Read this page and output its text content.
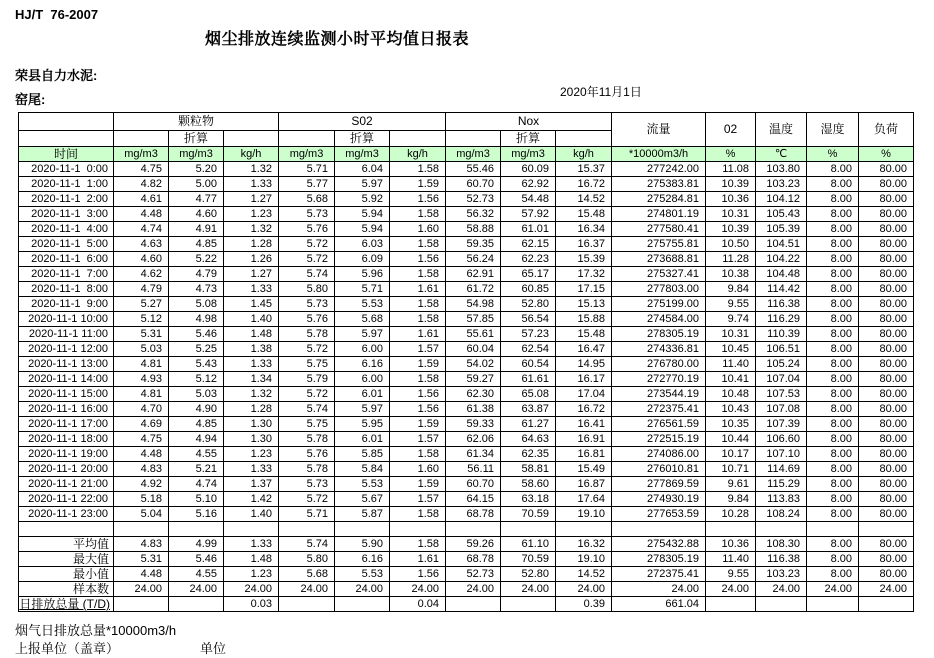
HJ/T  76-2007
烟尘排放连续监测小时平均值日报表
荣县自力水泥:
窑尾:	2020年11月1日
	颗粒物			S02			Nox			流量	02	温度	湿度	负荷
		折算			折算			折算						
时间	mg/m3	mg/m3	kg/h	mg/m3	mg/m3	kg/h	mg/m3	mg/m3	kg/h	*10000m3/h	%	℃	%	%
2020-11-1  0:00	4.75	5.20	1.32	5.71	6.04	1.58	55.46	60.09	15.37	277242.00	11.08	103.80	8.00	80.00
2020-11-1  1:00	4.82	5.00	1.33	5.77	5.97	1.59	60.70	62.92	16.72	275383.81	10.39	103.23	8.00	80.00
2020-11-1  2:00	4.61	4.77	1.27	5.68	5.92	1.56	52.73	54.48	14.52	275284.81	10.36	104.12	8.00	80.00
2020-11-1  3:00	4.48	4.60	1.23	5.73	5.94	1.58	56.32	57.92	15.48	274801.19	10.31	105.43	8.00	80.00
2020-11-1  4:00	4.74	4.91	1.32	5.76	5.94	1.60	58.88	61.01	16.34	277580.41	10.39	105.39	8.00	80.00
2020-11-1  5:00	4.63	4.85	1.28	5.72	6.03	1.58	59.35	62.15	16.37	275755.81	10.50	104.51	8.00	80.00
2020-11-1  6:00	4.60	5.22	1.26	5.72	6.09	1.56	56.24	62.23	15.39	273688.81	11.28	104.22	8.00	80.00
2020-11-1  7:00	4.62	4.79	1.27	5.74	5.96	1.58	62.91	65.17	17.32	275327.41	10.38	104.48	8.00	80.00
2020-11-1  8:00	4.79	4.73	1.33	5.80	5.71	1.61	61.72	60.85	17.15	277803.00	9.84	114.42	8.00	80.00
2020-11-1  9:00	5.27	5.08	1.45	5.73	5.53	1.58	54.98	52.80	15.13	275199.00	9.55	116.38	8.00	80.00
2020-11-1 10:00	5.12	4.98	1.40	5.76	5.68	1.58	57.85	56.54	15.88	274584.00	9.74	116.29	8.00	80.00
2020-11-1 11:00	5.31	5.46	1.48	5.78	5.97	1.61	55.61	57.23	15.48	278305.19	10.31	110.39	8.00	80.00
2020-11-1 12:00	5.03	5.25	1.38	5.72	6.00	1.57	60.04	62.54	16.47	274336.81	10.45	106.51	8.00	80.00
2020-11-1 13:00	4.81	5.43	1.33	5.75	6.16	1.59	54.02	60.54	14.95	276780.00	11.40	105.24	8.00	80.00
2020-11-1 14:00	4.93	5.12	1.34	5.79	6.00	1.58	59.27	61.61	16.17	272770.19	10.41	107.04	8.00	80.00
2020-11-1 15:00	4.81	5.03	1.32	5.72	6.01	1.56	62.30	65.08	17.04	273544.19	10.48	107.53	8.00	80.00
2020-11-1 16:00	4.70	4.90	1.28	5.74	5.97	1.56	61.38	63.87	16.72	272375.41	10.43	107.08	8.00	80.00
2020-11-1 17:00	4.69	4.85	1.30	5.75	5.95	1.59	59.33	61.27	16.41	276561.59	10.35	107.39	8.00	80.00
2020-11-1 18:00	4.75	4.94	1.30	5.78	6.01	1.57	62.06	64.63	16.91	272515.19	10.44	106.60	8.00	80.00
2020-11-1 19:00	4.48	4.55	1.23	5.76	5.85	1.58	61.34	62.35	16.81	274086.00	10.17	107.10	8.00	80.00
2020-11-1 20:00	4.83	5.21	1.33	5.78	5.84	1.60	56.11	58.81	15.49	276010.81	10.71	114.69	8.00	80.00
2020-11-1 21:00	4.92	4.74	1.37	5.73	5.53	1.59	60.70	58.60	16.87	277869.59	9.61	115.29	8.00	80.00
2020-11-1 22:00	5.18	5.10	1.42	5.72	5.67	1.57	64.15	63.18	17.64	274930.19	9.84	113.83	8.00	80.00
2020-11-1 23:00	5.04	5.16	1.40	5.71	5.87	1.58	68.78	70.59	19.10	277653.59	10.28	108.24	8.00	80.00

平均值	4.83	4.99	1.33	5.74	5.90	1.58	59.26	61.10	16.32	275432.88	10.36	108.30	8.00	80.00
最大值	5.31	5.46	1.48	5.80	6.16	1.61	68.78	70.59	19.10	278305.19	11.40	116.38	8.00	80.00
最小值	4.48	4.55	1.23	5.68	5.53	1.56	52.73	52.80	14.52	272375.41	9.55	103.23	8.00	80.00
样本数	24.00	24.00	24.00	24.00	24.00	24.00	24.00	24.00	24.00	24.00	24.00	24.00	24.00	24.00

日排放总量 (T/D)			0.03			0.04			0.39	661.04				
烟气日排放总量*10000m3/h
上报单位（盖章）	单位
